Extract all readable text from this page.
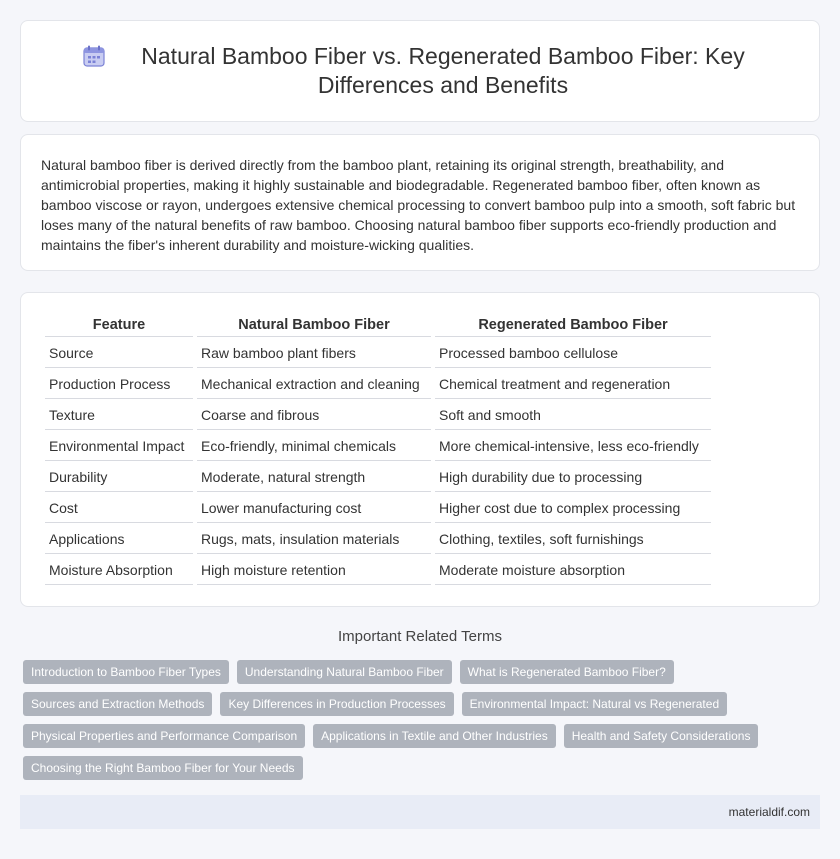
Natural Bamboo Fiber vs. Regenerated Bamboo Fiber: Key Differences and Benefits

Natural bamboo fiber is derived directly from the bamboo plant, retaining its original strength, breathability, and antimicrobial properties, making it highly sustainable and biodegradable. Regenerated bamboo fiber, often known as bamboo viscose or rayon, undergoes extensive chemical processing to convert bamboo pulp into a smooth, soft fabric but loses many of the natural benefits of raw bamboo. Choosing natural bamboo fiber supports eco-friendly production and maintains the fiber's inherent durability and moisture-wicking qualities.

Feature	Natural Bamboo Fiber	Regenerated Bamboo Fiber
Source	Raw bamboo plant fibers	Processed bamboo cellulose
Production Process	Mechanical extraction and cleaning	Chemical treatment and regeneration
Texture	Coarse and fibrous	Soft and smooth
Environmental Impact	Eco-friendly, minimal chemicals	More chemical-intensive, less eco-friendly
Durability	Moderate, natural strength	High durability due to processing
Cost	Lower manufacturing cost	Higher cost due to complex processing
Applications	Rugs, mats, insulation materials	Clothing, textiles, soft furnishings
Moisture Absorption	High moisture retention	Moderate moisture absorption
Important Related Terms
Introduction to Bamboo Fiber Types	Understanding Natural Bamboo Fiber	What is Regenerated Bamboo Fiber?
Sources and Extraction Methods	Key Differences in Production Processes	Environmental Impact: Natural vs Regenerated
Physical Properties and Performance Comparison	Applications in Textile and Other Industries	Health and Safety Considerations
Choosing the Right Bamboo Fiber for Your Needs
materialdif.com
